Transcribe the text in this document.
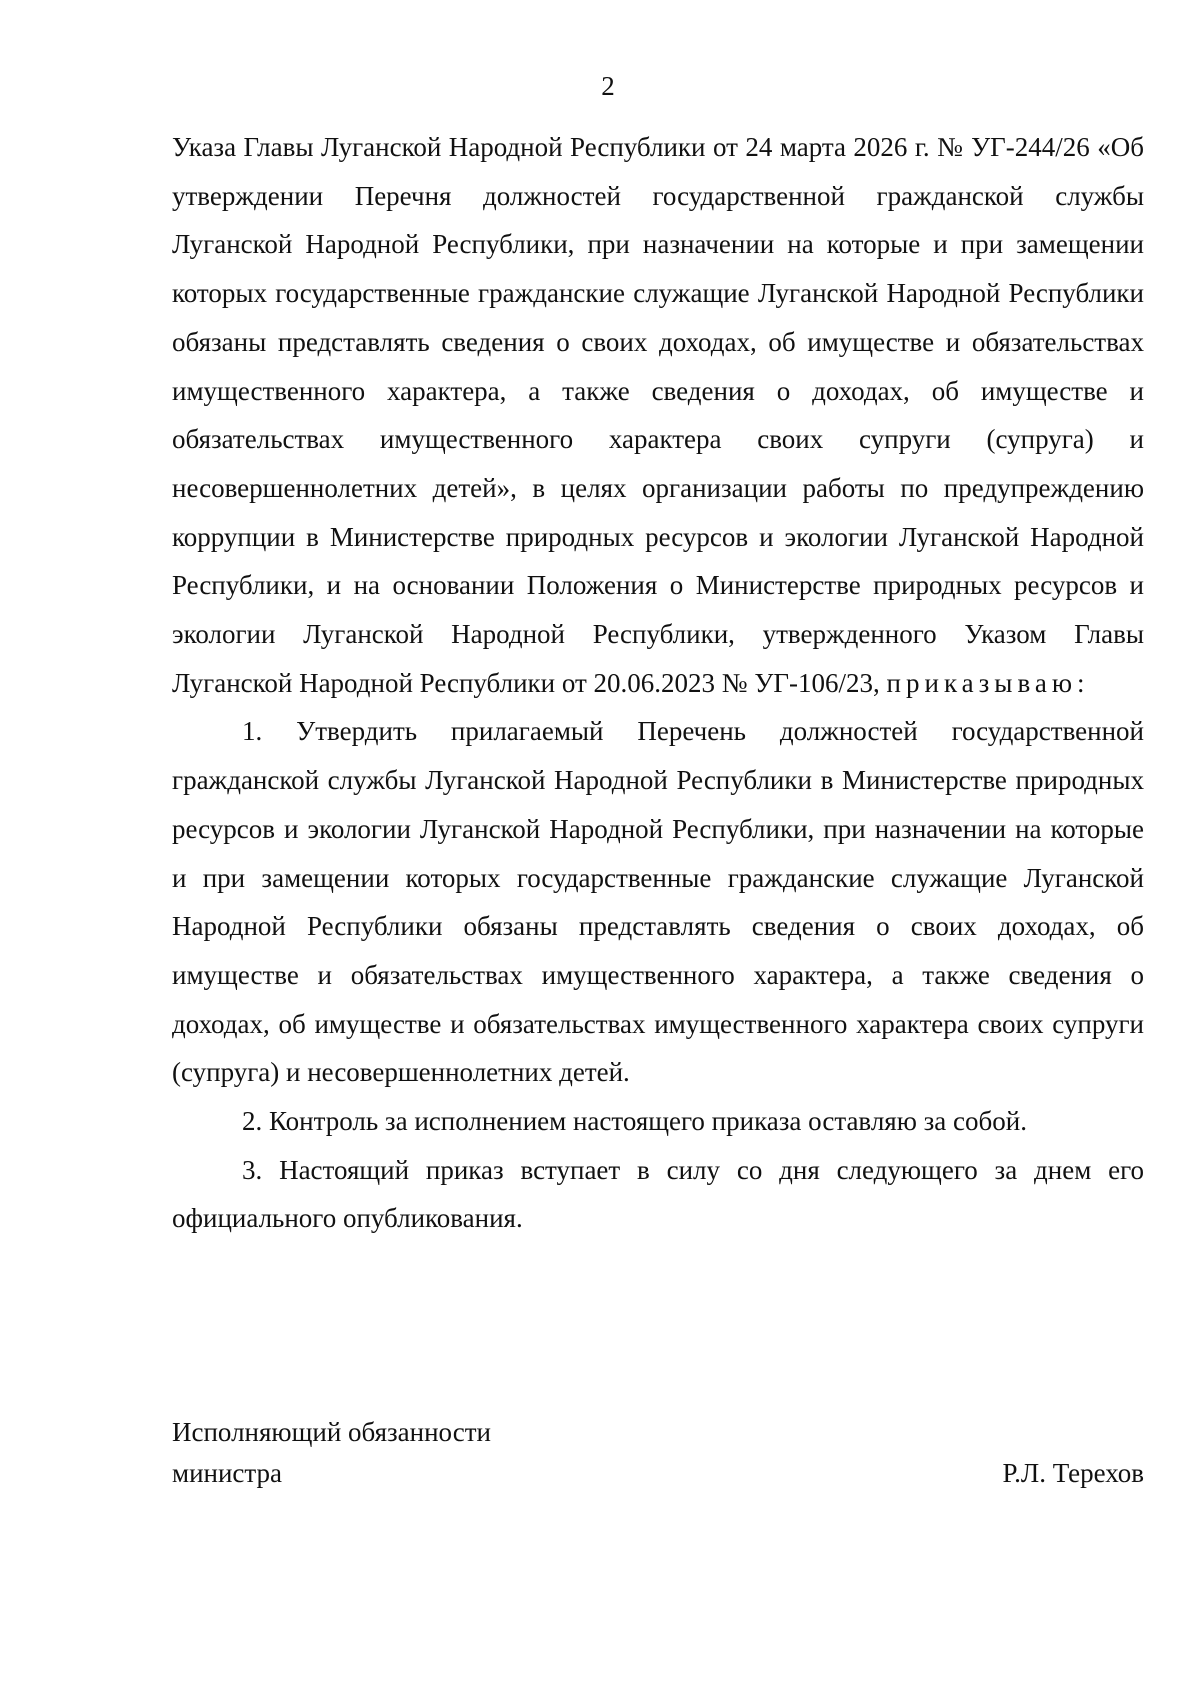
2

Указа Главы Луганской Народной Республики от 24 марта 2026 г. № УГ-244/26 «Об утверждении Перечня должностей государственной гражданской службы Луганской Народной Республики, при назначении на которые и при замещении которых государственные гражданские служащие Луганской Народной Республики обязаны представлять сведения о своих доходах, об имуществе и обязательствах имущественного характера, а также сведения о доходах, об имуществе и обязательствах имущественного характера своих супруги (супруга) и несовершеннолетних детей», в целях организации работы по предупреждению коррупции в Министерстве природных ресурсов и экологии Луганской Народной Республики, и на основании Положения о Министерстве природных ресурсов и экологии Луганской Народной Республики, утвержденного Указом Главы Луганской Народной Республики от 20.06.2023 № УГ-106/23, приказываю:

1. Утвердить прилагаемый Перечень должностей государственной гражданской службы Луганской Народной Республики в Министерстве природных ресурсов и экологии Луганской Народной Республики, при назначении на которые и при замещении которых государственные гражданские служащие Луганской Народной Республики обязаны представлять сведения о своих доходах, об имуществе и обязательствах имущественного характера, а также сведения о доходах, об имуществе и обязательствах имущественного характера своих супруги (супруга) и несовершеннолетних детей.

2. Контроль за исполнением настоящего приказа оставляю за собой.

3. Настоящий приказ вступает в силу со дня следующего за днем его официального опубликования.

Исполняющий обязанности
министра	Р.Л. Терехов
